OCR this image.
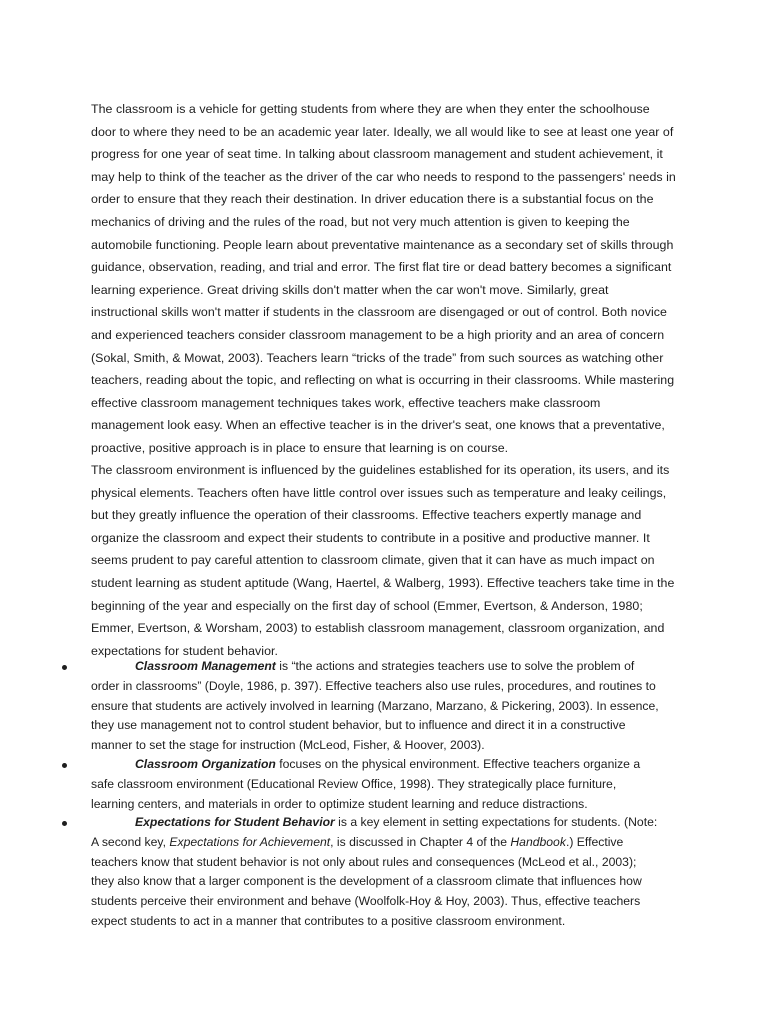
The classroom is a vehicle for getting students from where they are when they enter the schoolhouse
door to where they need to be an academic year later. Ideally, we all would like to see at least one year of
progress for one year of seat time. In talking about classroom management and student achievement, it
may help to think of the teacher as the driver of the car who needs to respond to the passengers' needs in
order to ensure that they reach their destination. In driver education there is a substantial focus on the
mechanics of driving and the rules of the road, but not very much attention is given to keeping the
automobile functioning. People learn about preventative maintenance as a secondary set of skills through
guidance, observation, reading, and trial and error. The first flat tire or dead battery becomes a significant
learning experience. Great driving skills don't matter when the car won't move. Similarly, great
instructional skills won't matter if students in the classroom are disengaged or out of control. Both novice
and experienced teachers consider classroom management to be a high priority and an area of concern
(Sokal, Smith, & Mowat, 2003). Teachers learn “tricks of the trade” from such sources as watching other
teachers, reading about the topic, and reflecting on what is occurring in their classrooms. While mastering
effective classroom management techniques takes work, effective teachers make classroom
management look easy. When an effective teacher is in the driver's seat, one knows that a preventative,
proactive, positive approach is in place to ensure that learning is on course.
The classroom environment is influenced by the guidelines established for its operation, its users, and its
physical elements. Teachers often have little control over issues such as temperature and leaky ceilings,
but they greatly influence the operation of their classrooms. Effective teachers expertly manage and
organize the classroom and expect their students to contribute in a positive and productive manner. It
seems prudent to pay careful attention to classroom climate, given that it can have as much impact on
student learning as student aptitude (Wang, Haertel, & Walberg, 1993). Effective teachers take time in the
beginning of the year and especially on the first day of school (Emmer, Evertson, & Anderson, 1980;
Emmer, Evertson, & Worsham, 2003) to establish classroom management, classroom organization, and
expectations for student behavior.
Classroom Management is “the actions and strategies teachers use to solve the problem of
order in classrooms” (Doyle, 1986, p. 397). Effective teachers also use rules, procedures, and routines to
ensure that students are actively involved in learning (Marzano, Marzano, & Pickering, 2003). In essence,
they use management not to control student behavior, but to influence and direct it in a constructive
manner to set the stage for instruction (McLeod, Fisher, & Hoover, 2003).
Classroom Organization focuses on the physical environment. Effective teachers organize a
safe classroom environment (Educational Review Office, 1998). They strategically place furniture,
learning centers, and materials in order to optimize student learning and reduce distractions.
Expectations for Student Behavior is a key element in setting expectations for students. (Note:
A second key, Expectations for Achievement, is discussed in Chapter 4 of the Handbook.) Effective
teachers know that student behavior is not only about rules and consequences (McLeod et al., 2003);
they also know that a larger component is the development of a classroom climate that influences how
students perceive their environment and behave (Woolfolk-Hoy & Hoy, 2003). Thus, effective teachers
expect students to act in a manner that contributes to a positive classroom environment.
